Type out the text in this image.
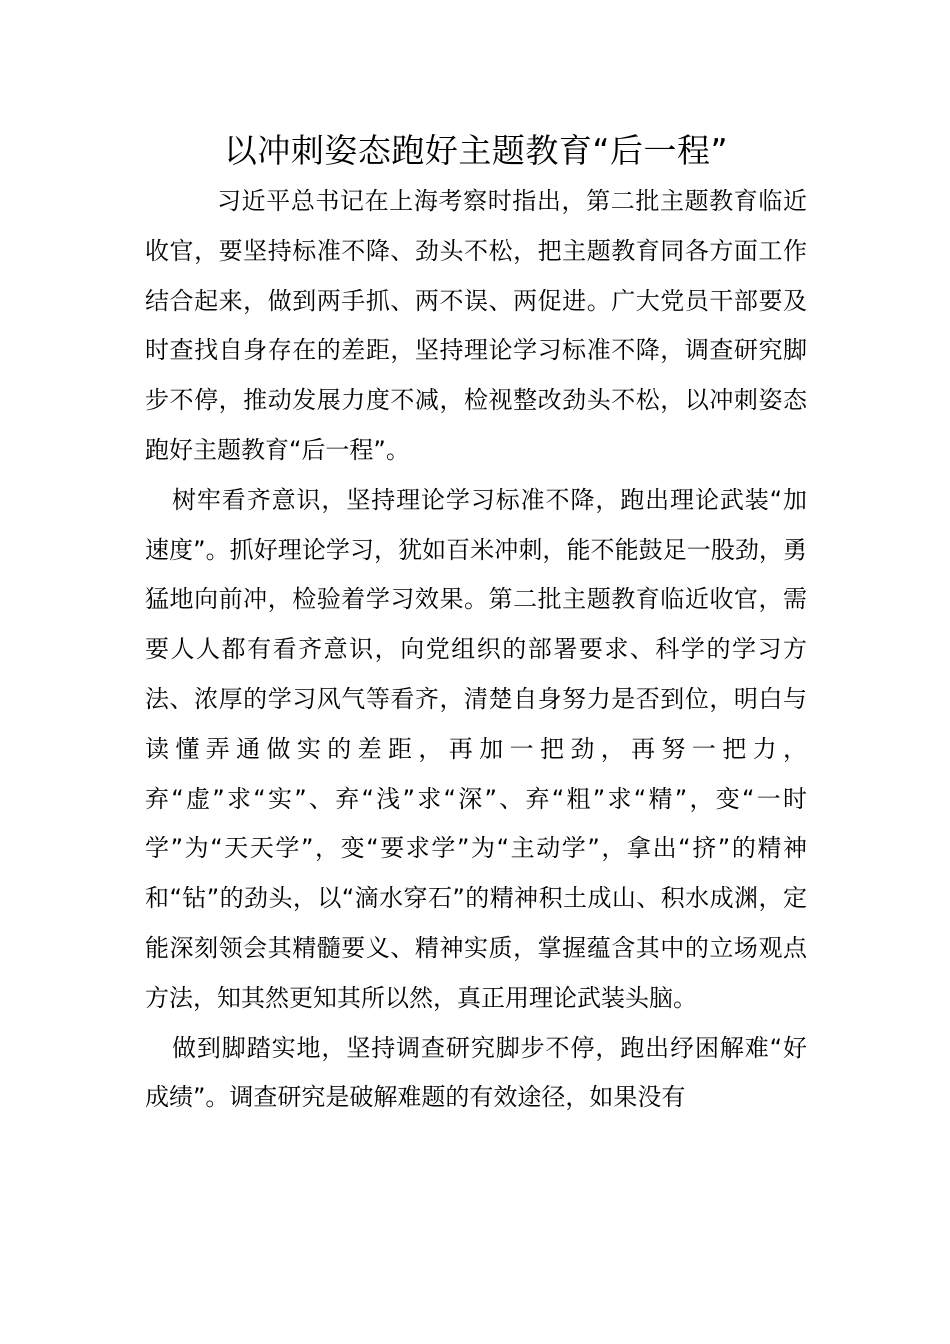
以冲刺姿态跑好主题教育“后一程”

习近平总书记在上海考察时指出，第二批主题教育临近收官，要坚持标准不降、劲头不松，把主题教育同各方面工作结合起来，做到两手抓、两不误、两促进。广大党员干部要及时查找自身存在的差距，坚持理论学习标准不降，调查研究脚步不停，推动发展力度不减，检视整改劲头不松，以冲刺姿态跑好主题教育“后一程”。

树牢看齐意识，坚持理论学习标准不降，跑出理论武装“加速度”。抓好理论学习，犹如百米冲刺，能不能鼓足一股劲，勇猛地向前冲，检验着学习效果。第二批主题教育临近收官，需要人人都有看齐意识，向党组织的部署要求、科学的学习方法、浓厚的学习风气等看齐，清楚自身努力是否到位，明白与读懂弄通做实的差距，再加一把劲，再努一把力，弃“虚”求“实”、弃“浅”求“深”、弃“粗”求“精”，变“一时学”为“天天学”，变“要求学”为“主动学”，拿出“挤”的精神和“钻”的劲头，以“滴水穿石”的精神积土成山、积水成渊，定能深刻领会其精髓要义、精神实质，掌握蕴含其中的立场观点方法，知其然更知其所以然，真正用理论武装头脑。

做到脚踏实地，坚持调查研究脚步不停，跑出纾困解难“好成绩”。调查研究是破解难题的有效途径，如果没有
